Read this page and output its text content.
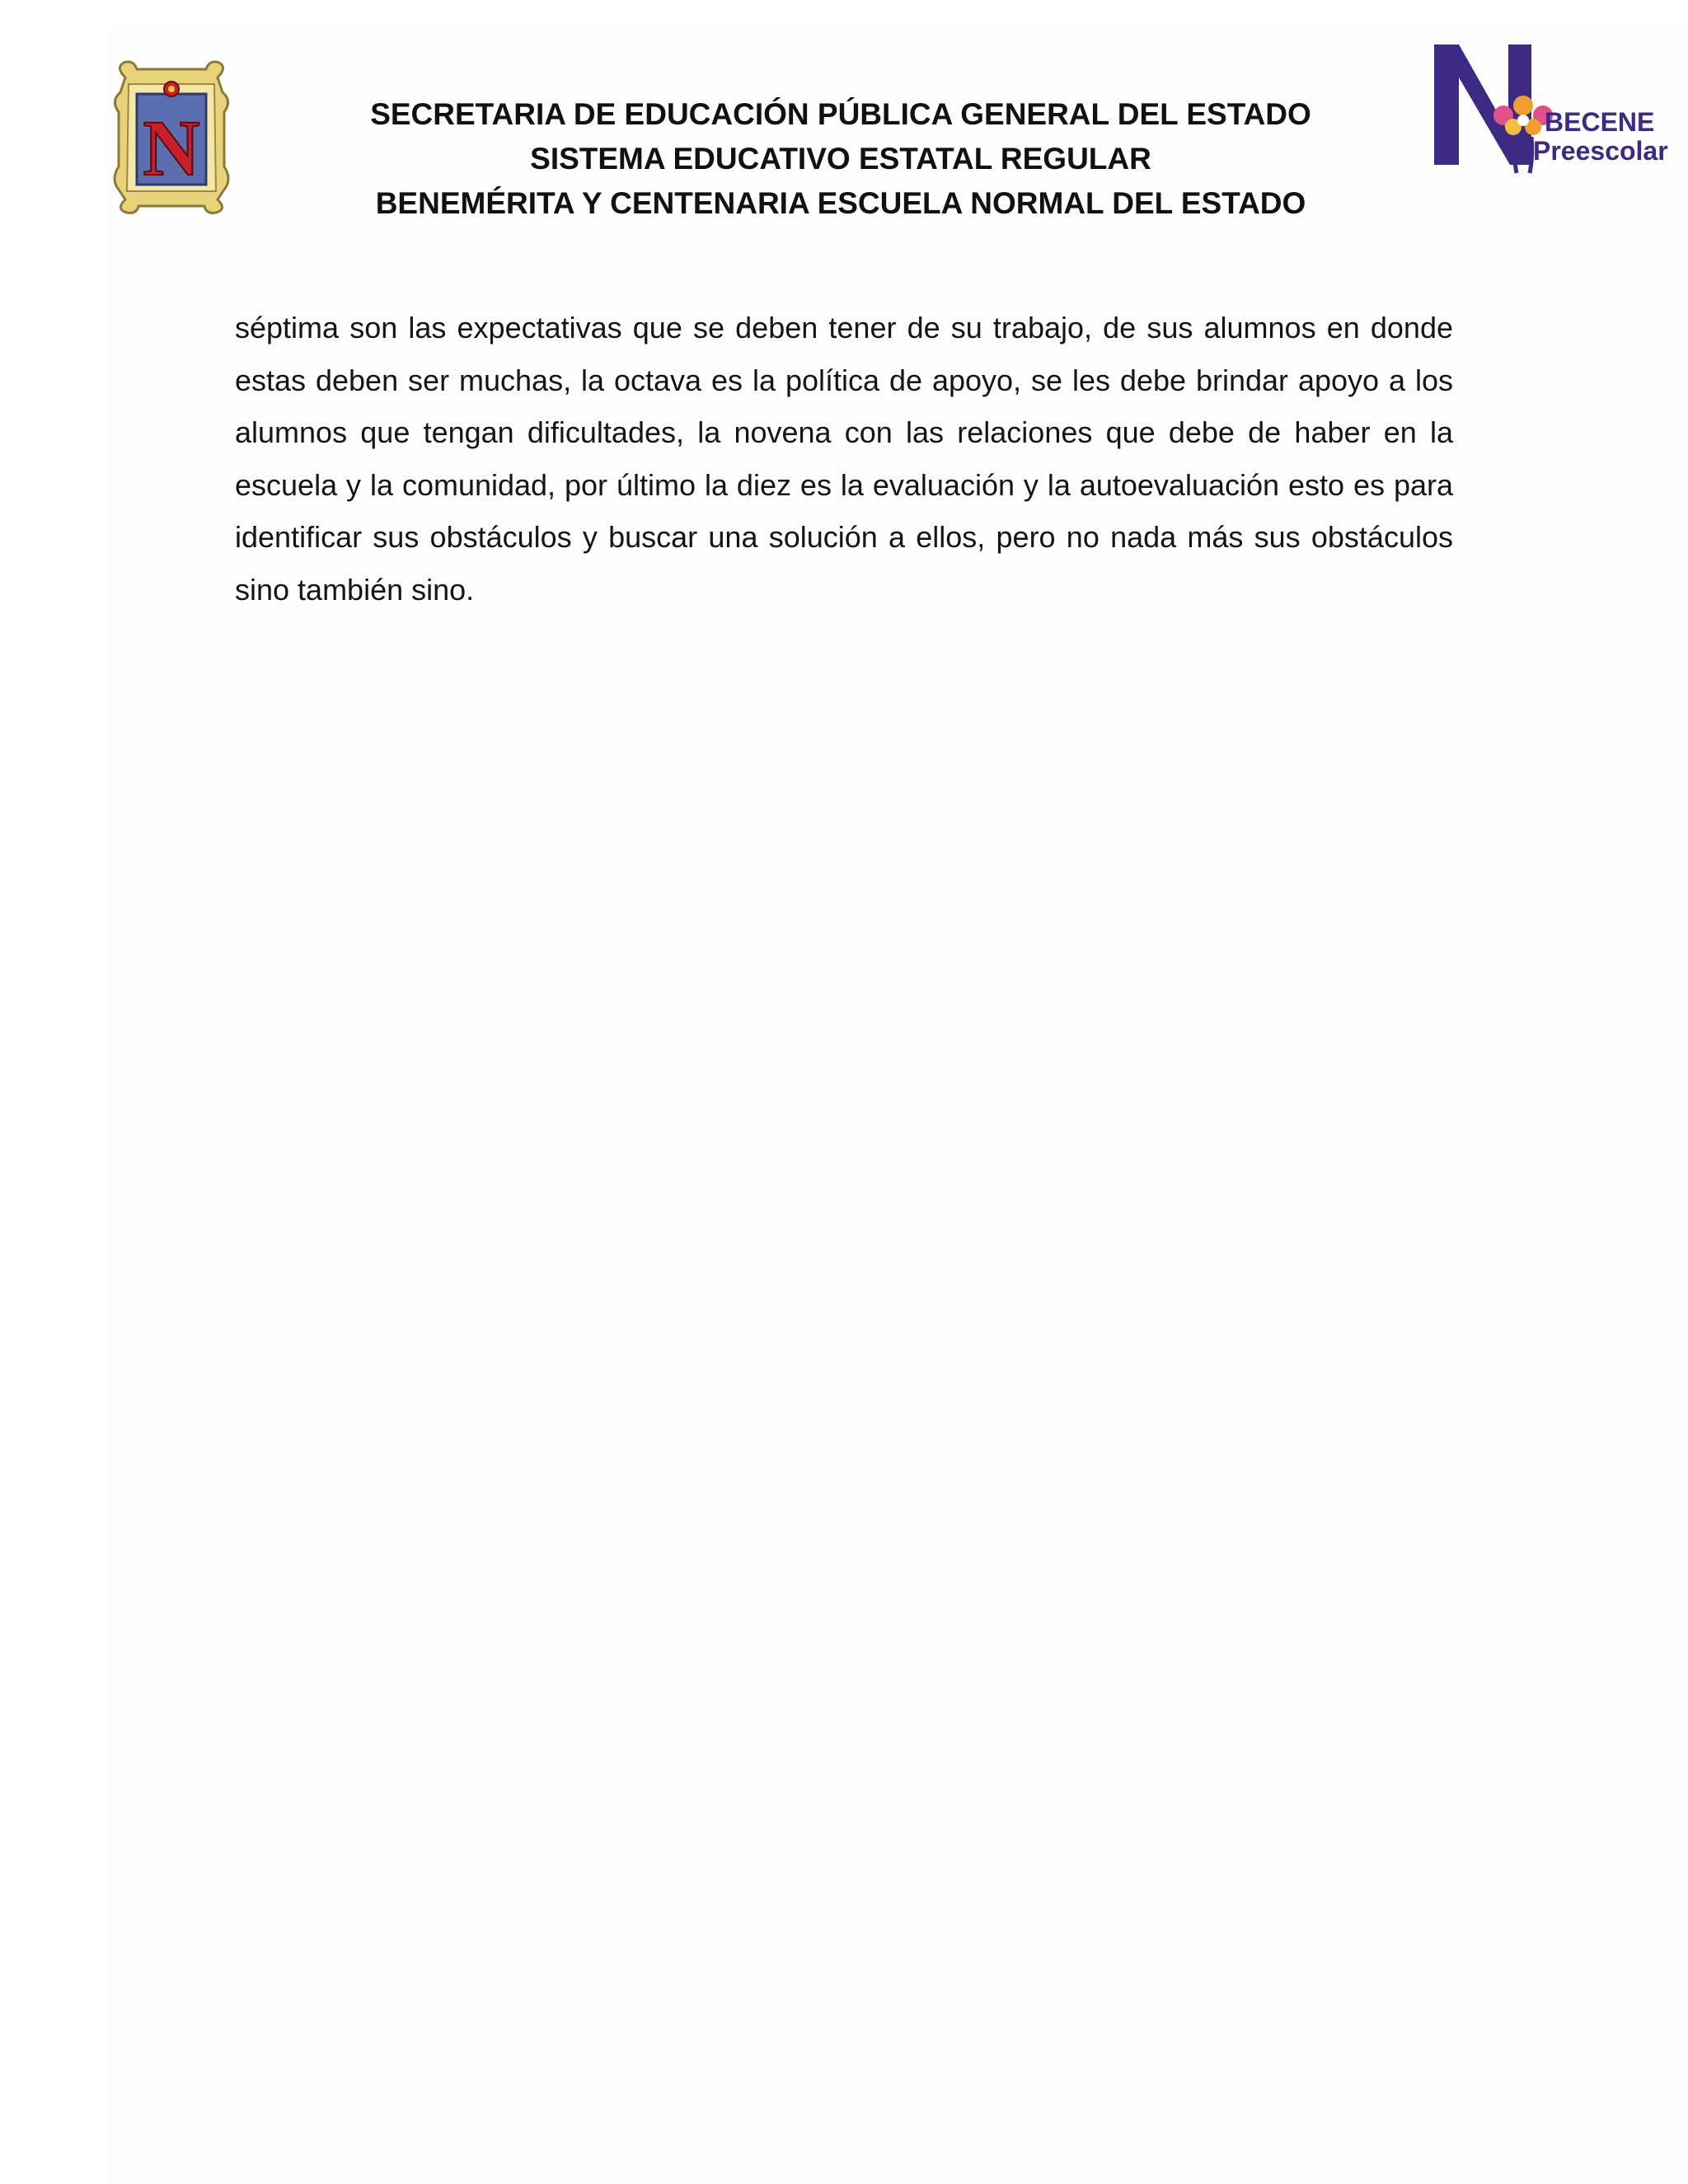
N	SECRETARIA DE EDUCACIÓN PÚBLICA GENERAL DEL ESTADO
SISTEMA EDUCATIVO ESTATAL REGULAR
BENEMÉRITA Y CENTENARIA ESCUELA NORMAL DEL ESTADO
BECENE
Preescolar
séptima son las expectativas que se deben tener de su trabajo, de sus alumnos en donde estas deben ser muchas, la octava es la política de apoyo, se les debe brindar apoyo a los alumnos que tengan dificultades, la novena con las relaciones que debe de haber en la escuela y la comunidad, por último la diez es la evaluación y la autoevaluación esto es para identificar sus obstáculos y buscar una solución a ellos, pero no nada más sus obstáculos sino también sino.
